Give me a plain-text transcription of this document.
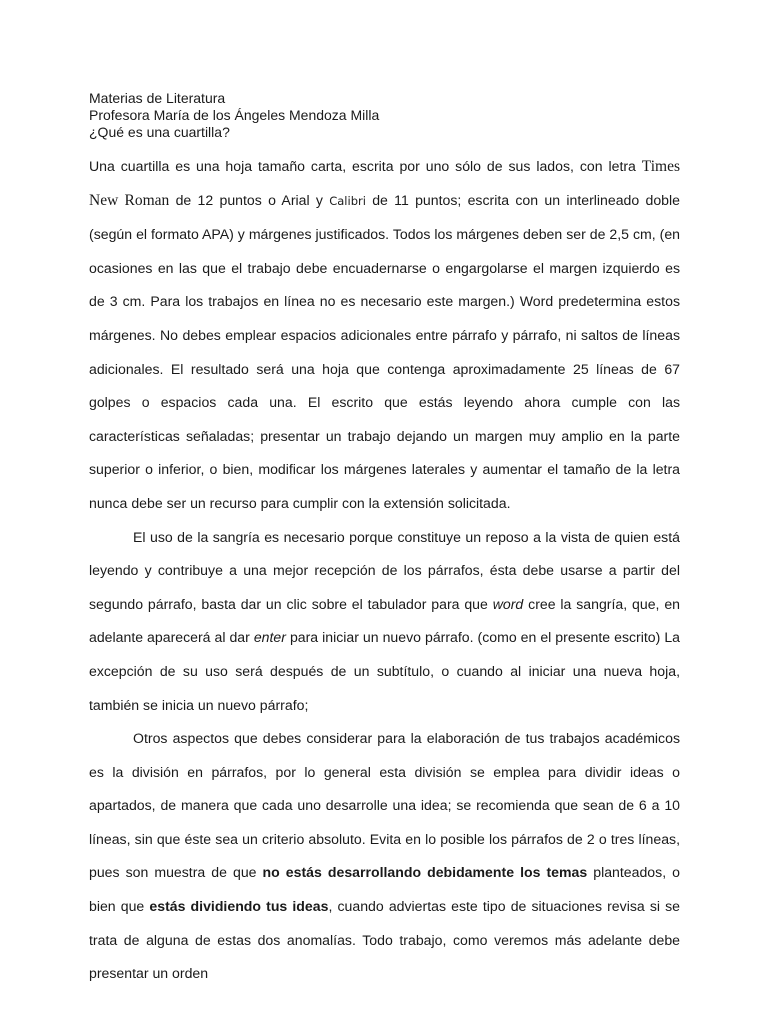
Materias de Literatura
Profesora María de los Ángeles Mendoza Milla
¿Qué es una cuartilla?

Una cuartilla es una hoja tamaño carta, escrita por uno sólo de sus lados, con letra Times New Roman de 12 puntos o Arial y Calibri de 11 puntos; escrita con un interlineado doble (según el formato APA) y márgenes justificados. Todos los márgenes deben ser de 2,5 cm, (en ocasiones en las que el trabajo debe encuadernarse o engargolarse el margen izquierdo es de 3 cm. Para los trabajos en línea no es necesario este margen.) Word predetermina estos márgenes. No debes emplear espacios adicionales entre párrafo y párrafo, ni saltos de líneas adicionales. El resultado será una hoja que contenga aproximadamente 25 líneas de 67 golpes o espacios cada una. El escrito que estás leyendo ahora cumple con las características señaladas; presentar un trabajo dejando un margen muy amplio en la parte superior o inferior, o bien, modificar los márgenes laterales y aumentar el tamaño de la letra nunca debe ser un recurso para cumplir con la extensión solicitada.

El uso de la sangría es necesario porque constituye un reposo a la vista de quien está leyendo y contribuye a una mejor recepción de los párrafos, ésta debe usarse a partir del segundo párrafo, basta dar un clic sobre el tabulador para que word cree la sangría, que, en adelante aparecerá al dar enter para iniciar un nuevo párrafo. (como en el presente escrito) La excepción de su uso será después de un subtítulo, o cuando al iniciar una nueva hoja, también se inicia un nuevo párrafo;

Otros aspectos que debes considerar para la elaboración de tus trabajos académicos es la división en párrafos, por lo general esta división se emplea para dividir ideas o apartados, de manera que cada uno desarrolle una idea; se recomienda que sean de 6 a 10 líneas, sin que éste sea un criterio absoluto. Evita en lo posible los párrafos de 2 o tres líneas, pues son muestra de que no estás desarrollando debidamente los temas planteados, o bien que estás dividiendo tus ideas, cuando adviertas este tipo de situaciones revisa si se trata de alguna de estas dos anomalías. Todo trabajo, como veremos más adelante debe presentar un orden
